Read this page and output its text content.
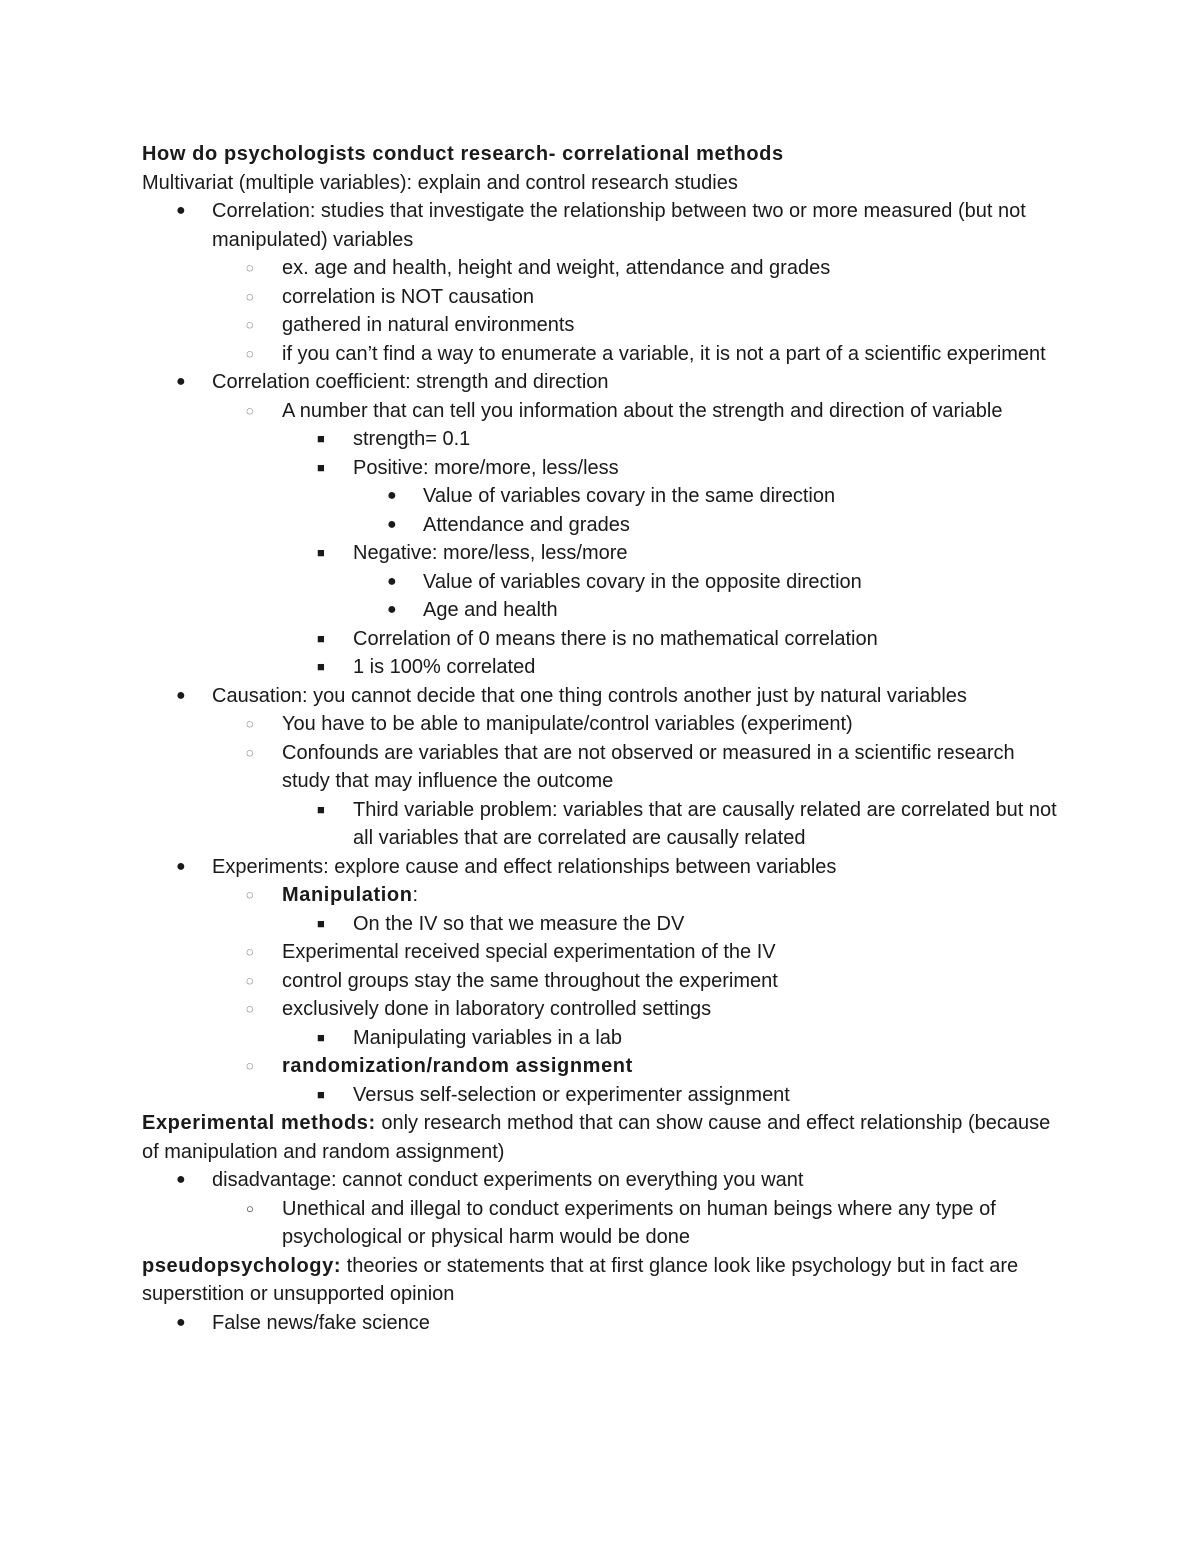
How do psychologists conduct research- correlational methods
Multivariat (multiple variables): explain and control research studies
● Correlation: studies that investigate the relationship between two or more measured (but not manipulated) variables
◌ ex. age and health, height and weight, attendance and grades
◌ correlation is NOT causation
◌ gathered in natural environments
◌ if you can’t find a way to enumerate a variable, it is not a part of a scientific experiment
● Correlation coefficient: strength and direction
◌ A number that can tell you information about the strength and direction of variable
■ strength= 0.1
■ Positive: more/more, less/less
● Value of variables covary in the same direction
● Attendance and grades
■ Negative: more/less, less/more
● Value of variables covary in the opposite direction
● Age and health
■ Correlation of 0 means there is no mathematical correlation
■ 1 is 100% correlated
● Causation: you cannot decide that one thing controls another just by natural variables
◌ You have to be able to manipulate/control variables (experiment)
◌ Confounds are variables that are not observed or measured in a scientific research study that may influence the outcome
■ Third variable problem: variables that are causally related are correlated but not all variables that are correlated are causally related
● Experiments: explore cause and effect relationships between variables
◌ Manipulation:
■ On the IV so that we measure the DV
◌ Experimental received special experimentation of the IV
◌ control groups stay the same throughout the experiment
◌ exclusively done in laboratory controlled settings
■ Manipulating variables in a lab
◌ randomization/random assignment
■ Versus self-selection or experimenter assignment
Experimental methods: only research method that can show cause and effect relationship (because of manipulation and random assignment)
● disadvantage: cannot conduct experiments on everything you want
○ Unethical and illegal to conduct experiments on human beings where any type of psychological or physical harm would be done
pseudopsychology: theories or statements that at first glance look like psychology but in fact are superstition or unsupported opinion
● False news/fake science
